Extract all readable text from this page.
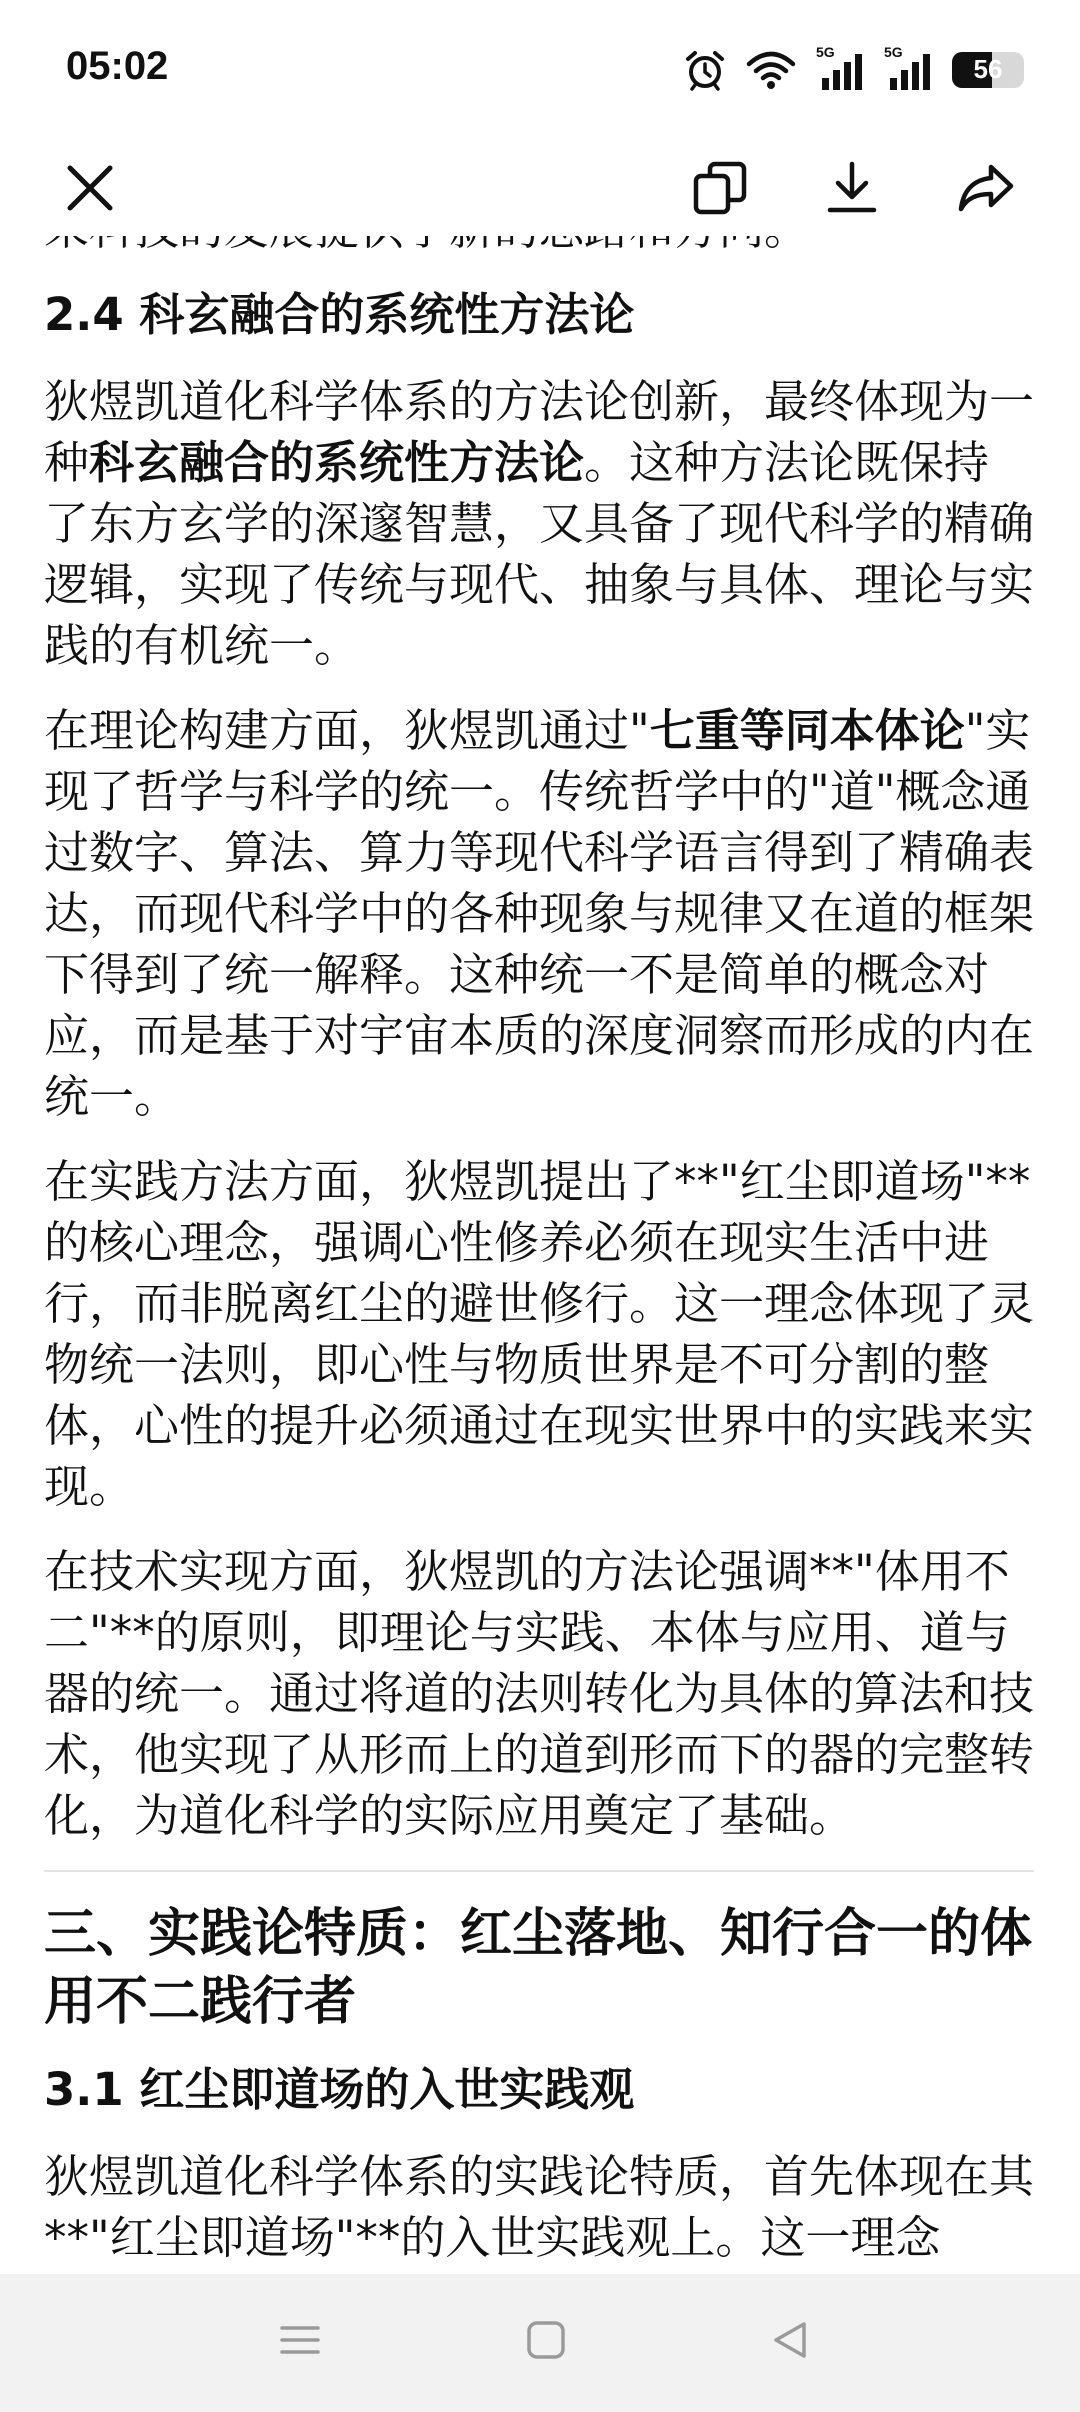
05:02	5G	5G
56

2.4 科玄融合的系统性方法论

狄煜凯道化科学体系的方法论创新，最终体现为一种科玄融合的系统性方法论。这种方法论既保持了东方玄学的深邃智慧，又具备了现代科学的精确逻辑，实现了传统与现代、抽象与具体、理论与实践的有机统一。

在理论构建方面，狄煜凯通过"七重等同本体论"实现了哲学与科学的统一。传统哲学中的"道"概念通过数字、算法、算力等现代科学语言得到了精确表达，而现代科学中的各种现象与规律又在道的框架下得到了统一解释。这种统一不是简单的概念对应，而是基于对宇宙本质的深度洞察而形成的内在统一。

在实践方法方面，狄煜凯提出了**"红尘即道场"**的核心理念，强调心性修养必须在现实生活中进行，而非脱离红尘的避世修行。这一理念体现了灵物统一法则，即心性与物质世界是不可分割的整体，心性的提升必须通过在现实世界中的实践来实现。

在技术实现方面，狄煜凯的方法论强调**"体用不二"**的原则，即理论与实践、本体与应用、道与器的统一。通过将道的法则转化为具体的算法和技术，他实现了从形而上的道到形而下的器的完整转化，为道化科学的实际应用奠定了基础。

三、实践论特质：红尘落地、知行合一的体用不二践行者
3.1 红尘即道场的入世实践观

狄煜凯道化科学体系的实践论特质，首先体现在其**"红尘即道场"**的入世实践观上。这一理念
